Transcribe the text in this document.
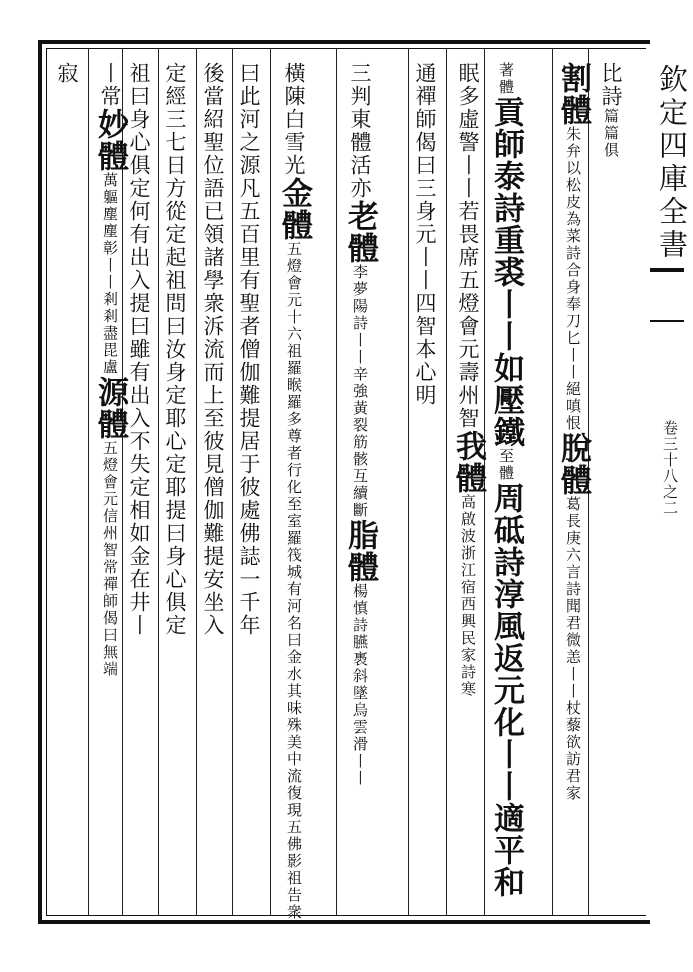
欽定四庫全書
卷三十八之二
比詩篇篇俱
割體朱弁以松皮為菜詩合身奉刀匕丨丨絕嗔恨脫體葛長庚六言詩聞君微恙丨丨杖藜欲訪君家
著體貢師泰詩重裘丨丨如壓鐵至體周砥詩淳風返元化丨丨適平和
眠多虛警丨丨若畏席五燈會元壽州智我體高啟波浙江宿西興民家詩寒
通禪師偈曰三身元丨丨四智本心明
三判東體活亦老體李夢陽詩丨丨辛強黃裂筋骸互續斷脂體楊慎詩臙褭斜墜烏雲滑丨丨
橫陳白雪光金體五燈會元十六祖羅睺羅多尊者行化至室羅筏城有河名曰金水其味殊美中流復現五佛影祖告衆
曰此河之源凡五百里有聖者僧伽難提居于彼處佛誌一千年
後當紹聖位語已領諸學衆泝流而上至彼見僧伽難提安坐入
定經三七日方從定起祖問曰汝身定耶心定耶提曰身心俱定
祖曰身心俱定何有出入提曰雖有出入不失定相如金在井丨
丨常妙體萬軀塵塵彰丨丨剎剎盡毘盧源體五燈會元信州智常禪師偈曰無端
寂
